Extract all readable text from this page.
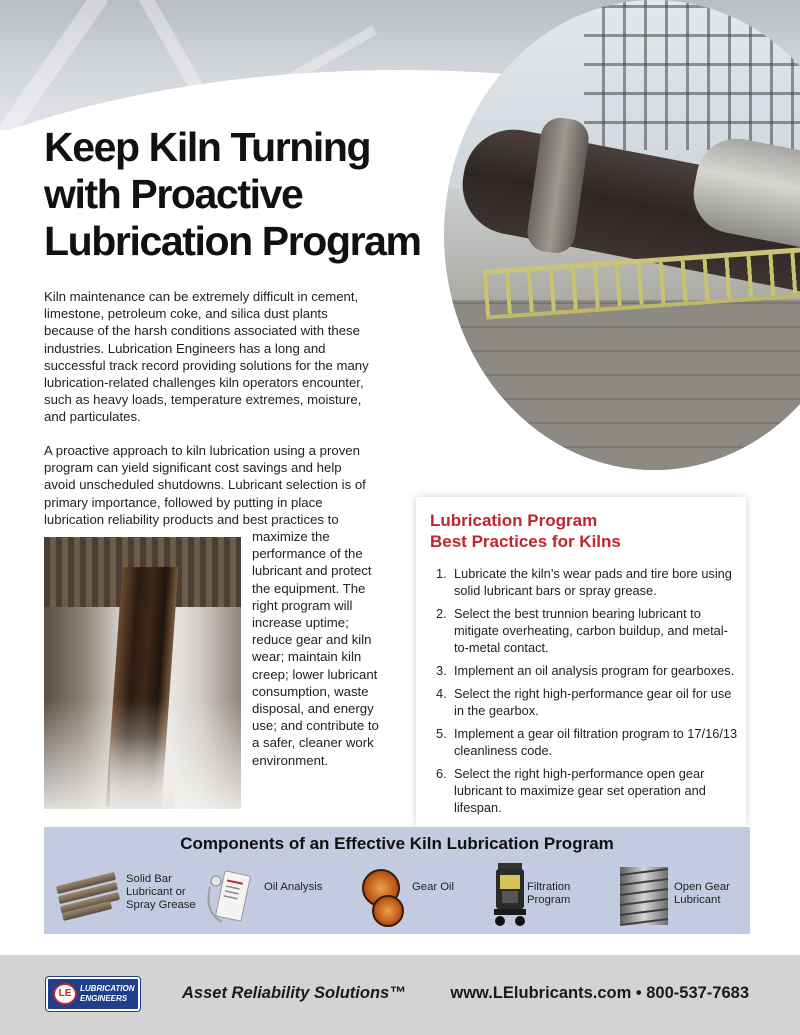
Keep Kiln Turning
with Proactive
Lubrication Program

Kiln maintenance can be extremely difficult in cement, limestone, petroleum coke, and silica dust plants because of the harsh conditions associated with these industries. Lubrication Engineers has a long and successful track record providing solutions for the many lubrication-related challenges kiln operators encounter, such as heavy loads, temperature extremes, moisture, and particulates.

A proactive approach to kiln lubrication using a proven program can yield significant cost savings and help avoid unscheduled shutdowns. Lubricant selection is of primary importance, followed by putting in place lubrication reliability products and best practices to

maximize the performance of the lubricant and protect the equipment. The right program will increase uptime; reduce gear and kiln wear; maintain kiln creep; lower lubricant consumption, waste disposal, and energy use; and contribute to a safer, cleaner work environment.

Lubrication Program
Best Practices for Kilns
1. Lubricate the kiln’s wear pads and tire bore using solid lubricant bars or spray grease.
2. Select the best trunnion bearing lubricant to mitigate overheating, carbon buildup, and metal-to-metal contact.
3. Implement an oil analysis program for gearboxes.
4. Select the right high-performance gear oil for use in the gearbox.
5. Implement a gear oil filtration program to 17/16/13 cleanliness code.
6. Select the right high-performance open gear lubricant to maximize gear set operation and lifespan.
Components of an Effective Kiln Lubrication Program
Solid Bar Lubricant or Spray Grease
Oil Analysis	Gear Oil	Filtration Program
Open Gear Lubricant
LE	LUBRICATION
ENGINEERS	Asset Reliability Solutions™	www.LElubricants.com • 800-537-7683
